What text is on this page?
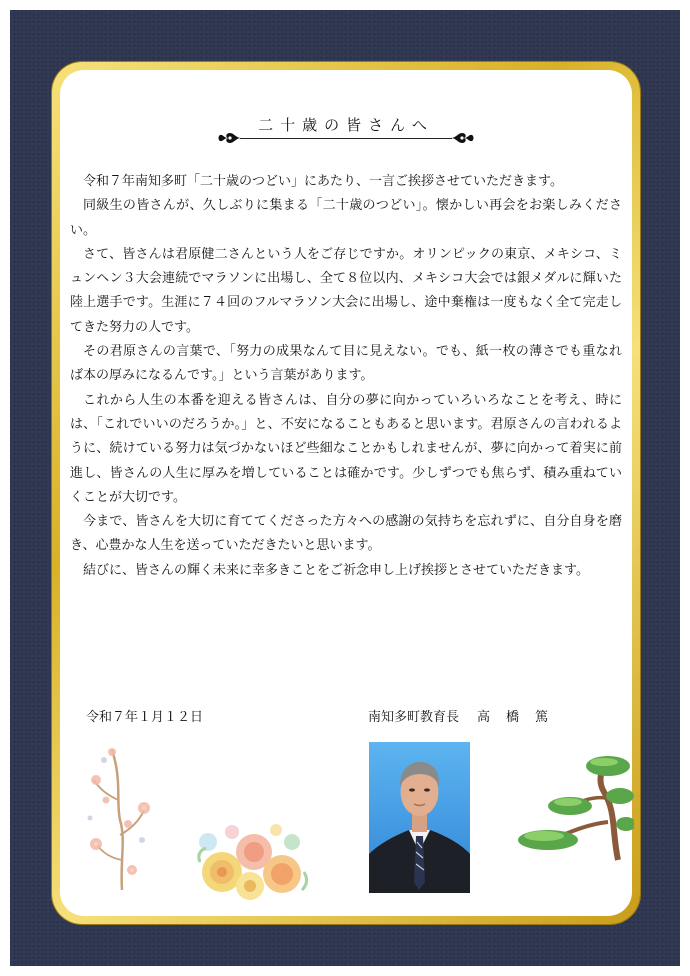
二十歳の皆さんへ

令和７年南知多町「二十歳のつどい」にあたり、一言ご挨拶させていただきます。

同級生の皆さんが、久しぶりに集まる「二十歳のつどい」。懐かしい再会をお楽しみください。

さて、皆さんは君原健二さんという人をご存じですか。オリンピックの東京、メキシコ、ミュンヘン３大会連続でマラソンに出場し、全て８位以内、メキシコ大会では銀メダルに輝いた陸上選手です。生涯に７４回のフルマラソン大会に出場し、途中棄権は一度もなく全て完走してきた努力の人です。

その君原さんの言葉で、「努力の成果なんて目に見えない。でも、紙一枚の薄さでも重なれば本の厚みになるんです。」という言葉があります。

これから人生の本番を迎える皆さんは、自分の夢に向かっていろいろなことを考え、時には、「これでいいのだろうか。」と、不安になることもあると思います。君原さんの言われるように、続けている努力は気づかないほど些細なことかもしれませんが、夢に向かって着実に前進し、皆さんの人生に厚みを増していることは確かです。少しずつでも焦らず、積み重ねていくことが大切です。

今まで、皆さんを大切に育ててくださった方々への感謝の気持ちを忘れずに、自分自身を磨き、心豊かな人生を送っていただきたいと思います。

結びに、皆さんの輝く未来に幸多きことをご祈念申し上げ挨拶とさせていただきます。

令和７年１月１２日	南知多町教育長 高橋篤
